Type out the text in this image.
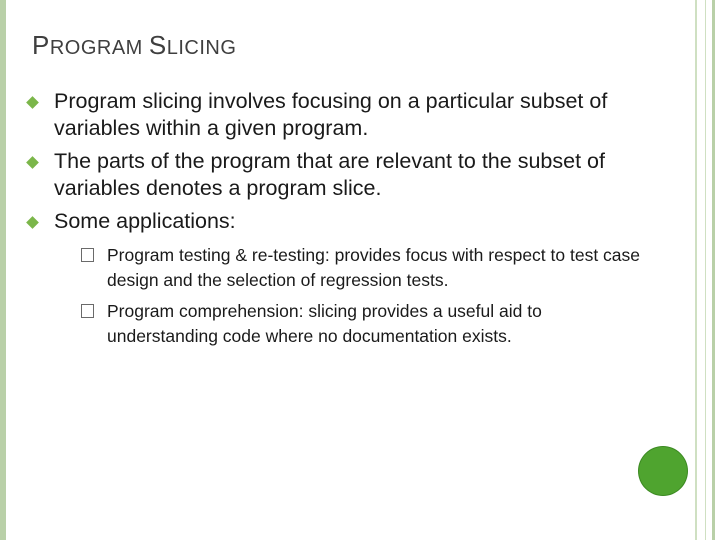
PROGRAM SLICING
Program slicing involves focusing on a particular subset of variables within a given program.
The parts of the program that are relevant to the subset of variables denotes a program slice.
Some applications:
Program testing & re-testing: provides focus with respect to test case design and the selection of regression tests.
Program comprehension: slicing provides a useful aid to understanding code where no documentation exists.
